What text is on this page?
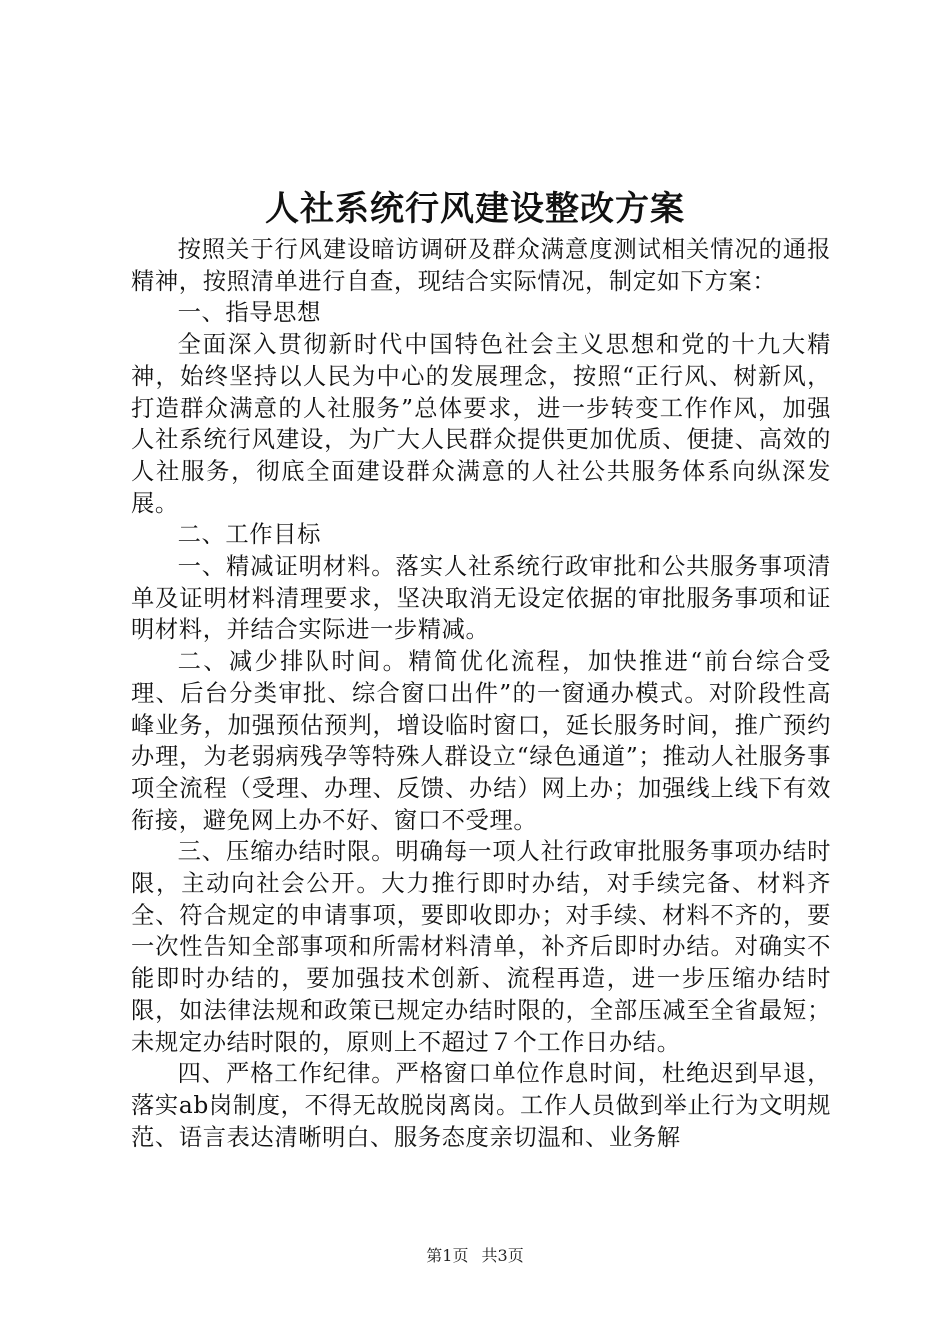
人社系统行风建设整改方案

按照关于行风建设暗访调研及群众满意度测试相关情况的通报精神，按照清单进行自查，现结合实际情况，制定如下方案：

一、指导思想

全面深入贯彻新时代中国特色社会主义思想和党的十九大精神，始终坚持以人民为中心的发展理念，按照“正行风、树新风，打造群众满意的人社服务”总体要求，进一步转变工作作风，加强人社系统行风建设，为广大人民群众提供更加优质、便捷、高效的人社服务，彻底全面建设群众满意的人社公共服务体系向纵深发展。

二、工作目标

一、精减证明材料。落实人社系统行政审批和公共服务事项清单及证明材料清理要求，坚决取消无设定依据的审批服务事项和证明材料，并结合实际进一步精减。

二、减少排队时间。精简优化流程，加快推进“前台综合受理、后台分类审批、综合窗口出件”的一窗通办模式。对阶段性高峰业务，加强预估预判，增设临时窗口，延长服务时间，推广预约办理，为老弱病残孕等特殊人群设立“绿色通道”；推动人社服务事项全流程（受理、办理、反馈、办结）网上办；加强线上线下有效衔接，避免网上办不好、窗口不受理。

三、压缩办结时限。明确每一项人社行政审批服务事项办结时限，主动向社会公开。大力推行即时办结，对手续完备、材料齐全、符合规定的申请事项，要即收即办；对手续、材料不齐的，要一次性告知全部事项和所需材料清单，补齐后即时办结。对确实不能即时办结的，要加强技术创新、流程再造，进一步压缩办结时限，如法律法规和政策已规定办结时限的，全部压减至全省最短；未规定办结时限的，原则上不超过７个工作日办结。

四、严格工作纪律。严格窗口单位作息时间，杜绝迟到早退，落实ab岗制度，不得无故脱岗离岗。工作人员做到举止行为文明规范、语言表达清晰明白、服务态度亲切温和、业务解

第1页 共3页
